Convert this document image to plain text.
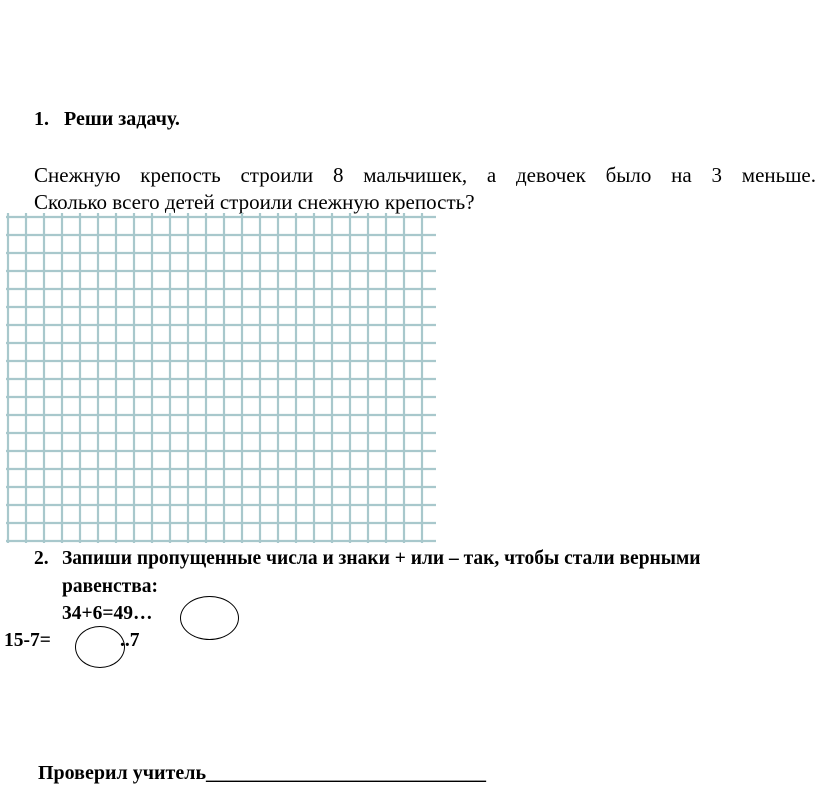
1. Реши задачу.
Снежную крепость строили 8 мальчишек, а девочек было на 3 меньше.
Сколько всего детей строили снежную крепость?
2. Запиши пропущенные числа и знаки + или – так, чтобы стали верными
равенства:
34+6=49…
15-7=	..7
Проверил учитель____________________________
